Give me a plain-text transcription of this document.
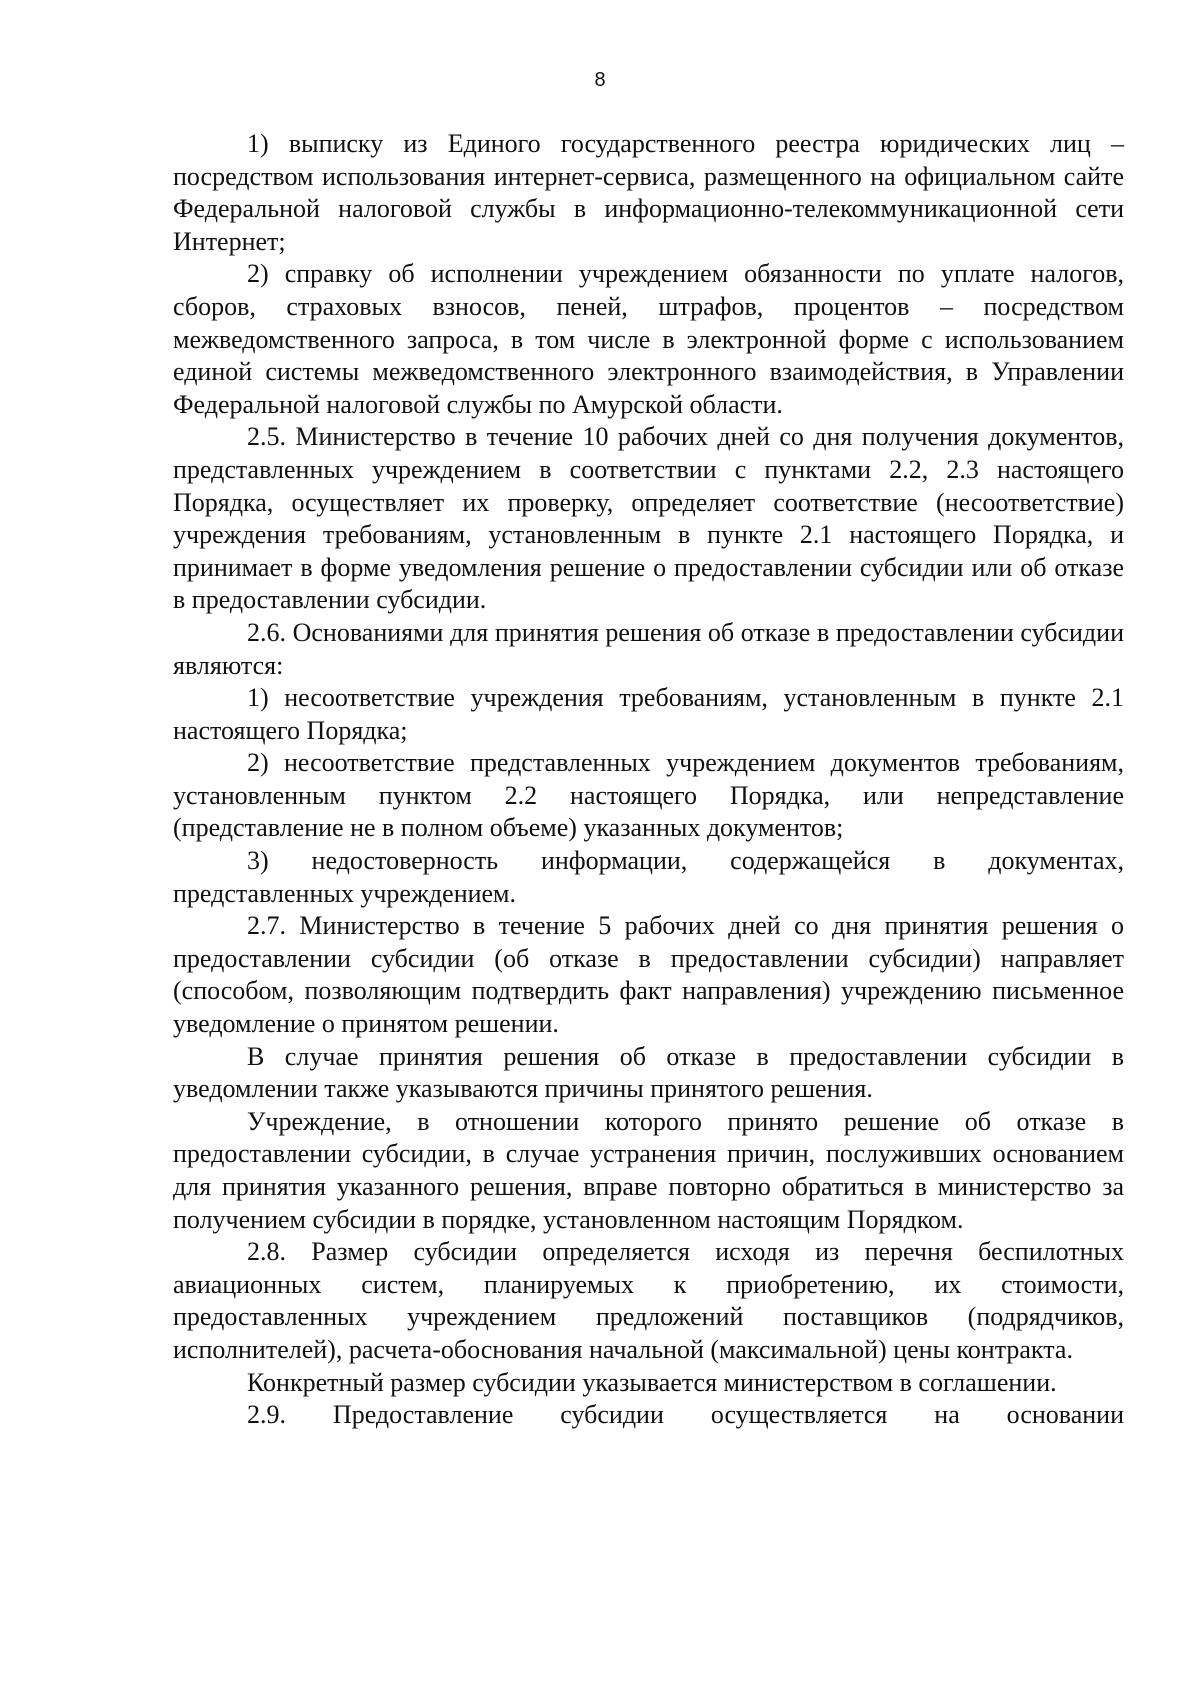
8

1) выписку из Единого государственного реестра юридических лиц – посредством использования интернет-сервиса, размещенного на официальном сайте Федеральной налоговой службы в информационно-телекоммуникационной сети Интернет;

2) справку об исполнении учреждением обязанности по уплате налогов, сборов, страховых взносов, пеней, штрафов, процентов – посредством межведомственного запроса, в том числе в электронной форме с использованием единой системы межведомственного электронного взаимодействия, в Управлении Федеральной налоговой службы по Амурской области.

2.5. Министерство в течение 10 рабочих дней со дня получения документов, представленных учреждением в соответствии с пунктами 2.2, 2.3 настоящего Порядка, осуществляет их проверку, определяет соответствие (несоответствие) учреждения требованиям, установленным в пункте 2.1 настоящего Порядка, и принимает в форме уведомления решение о предоставлении субсидии или об отказе в предоставлении субсидии.

2.6. Основаниями для принятия решения об отказе в предоставлении субсидии являются:

1) несоответствие учреждения требованиям, установленным в пункте 2.1 настоящего Порядка;

2) несоответствие представленных учреждением документов требованиям, установленным пунктом 2.2 настоящего Порядка, или непредставление (представление не в полном объеме) указанных документов;

3) недостоверность информации, содержащейся в документах, представленных учреждением.

2.7. Министерство в течение 5 рабочих дней со дня принятия решения о предоставлении субсидии (об отказе в предоставлении субсидии) направляет (способом, позволяющим подтвердить факт направления) учреждению письменное уведомление о принятом решении.

В случае принятия решения об отказе в предоставлении субсидии в уведомлении также указываются причины принятого решения.

Учреждение, в отношении которого принято решение об отказе в предоставлении субсидии, в случае устранения причин, послуживших основанием для принятия указанного решения, вправе повторно обратиться в министерство за получением субсидии в порядке, установленном настоящим Порядком.

2.8. Размер субсидии определяется исходя из перечня беспилотных авиационных систем, планируемых к приобретению, их стоимости, предоставленных учреждением предложений поставщиков (подрядчиков, исполнителей), расчета-обоснования начальной (максимальной) цены контракта.

Конкретный размер субсидии указывается министерством в соглашении.

2.9. Предоставление субсидии осуществляется на основании
